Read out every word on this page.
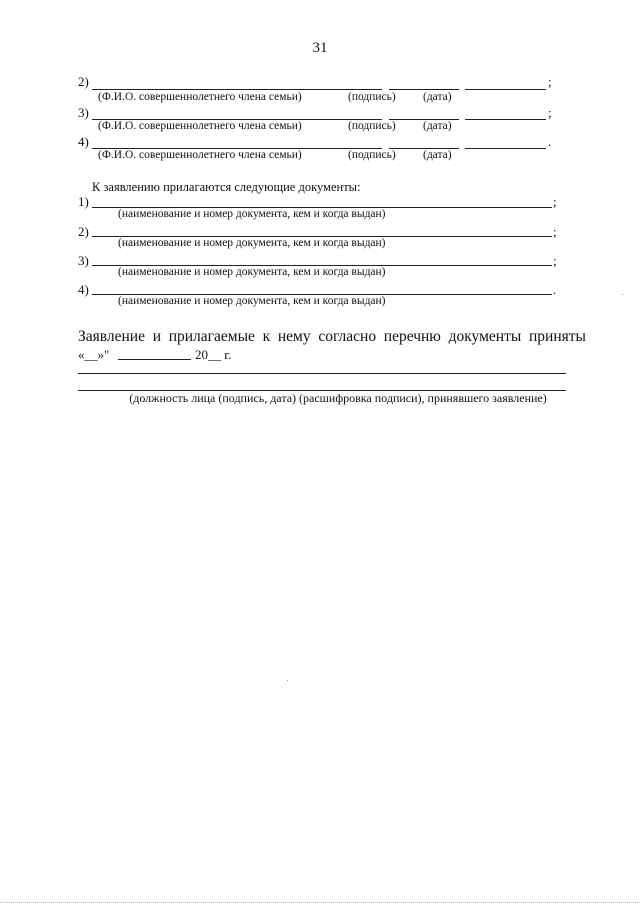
31
2)	;
(Ф.И.О. совершеннолетнего члена семьи)	(подпись) (дата)
3)	;
(Ф.И.О. совершеннолетнего члена семьи)	(подпись) (дата)
4)	.
(Ф.И.О. совершеннолетнего члена семьи)	(подпись) (дата)
К заявлению прилагаются следующие документы:
1)	;
(наименование и номер документа, кем и когда выдан)
2)	;
(наименование и номер документа, кем и когда выдан)
3)	;
(наименование и номер документа, кем и когда выдан)
4)	.
(наименование и номер документа, кем и когда выдан)
Заявление и прилагаемые к нему согласно перечню документы приняты
«__»"	20__ г.
(должность лица (подпись, дата) (расшифровка подписи), принявшего заявление)
